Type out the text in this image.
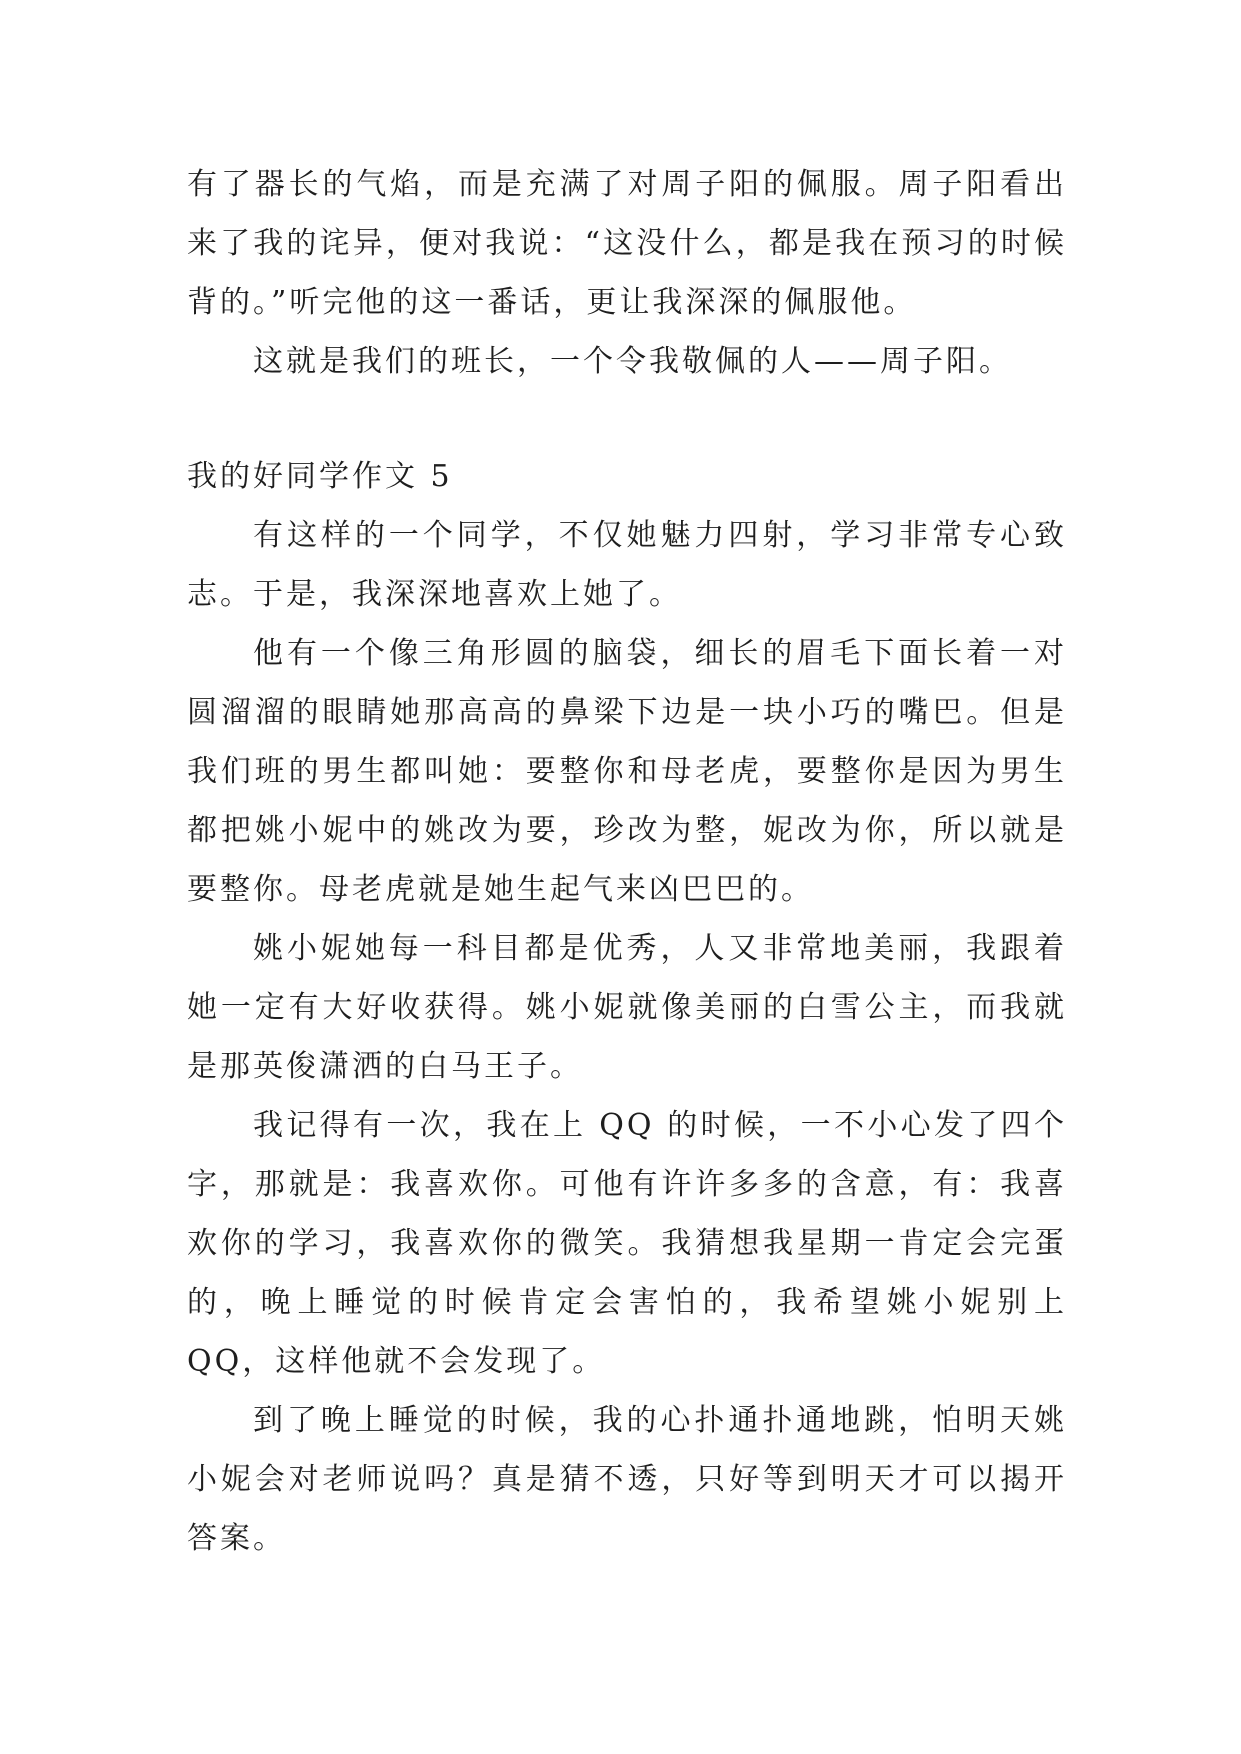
有了器长的气焰，而是充满了对周子阳的佩服。周子阳看出来了我的诧异，便对我说：“这没什么，都是我在预习的时候背的。”听完他的这一番话，更让我深深的佩服他。

这就是我们的班长，一个令我敬佩的人——周子阳。

我的好同学作文 5

有这样的一个同学，不仅她魅力四射，学习非常专心致志。于是，我深深地喜欢上她了。

他有一个像三角形圆的脑袋，细长的眉毛下面长着一对圆溜溜的眼睛她那高高的鼻梁下边是一块小巧的嘴巴。但是我们班的男生都叫她：要整你和母老虎，要整你是因为男生都把姚小妮中的姚改为要，珍改为整，妮改为你，所以就是要整你。母老虎就是她生起气来凶巴巴的。

姚小妮她每一科目都是优秀，人又非常地美丽，我跟着她一定有大好收获得。姚小妮就像美丽的白雪公主，而我就是那英俊潇洒的白马王子。

我记得有一次，我在上 QQ 的时候，一不小心发了四个字，那就是：我喜欢你。可他有许许多多的含意，有：我喜欢你的学习，我喜欢你的微笑。我猜想我星期一肯定会完蛋的，晚上睡觉的时候肯定会害怕的，我希望姚小妮别上 QQ，这样他就不会发现了。

到了晚上睡觉的时候，我的心扑通扑通地跳，怕明天姚小妮会对老师说吗？真是猜不透，只好等到明天才可以揭开答案。
